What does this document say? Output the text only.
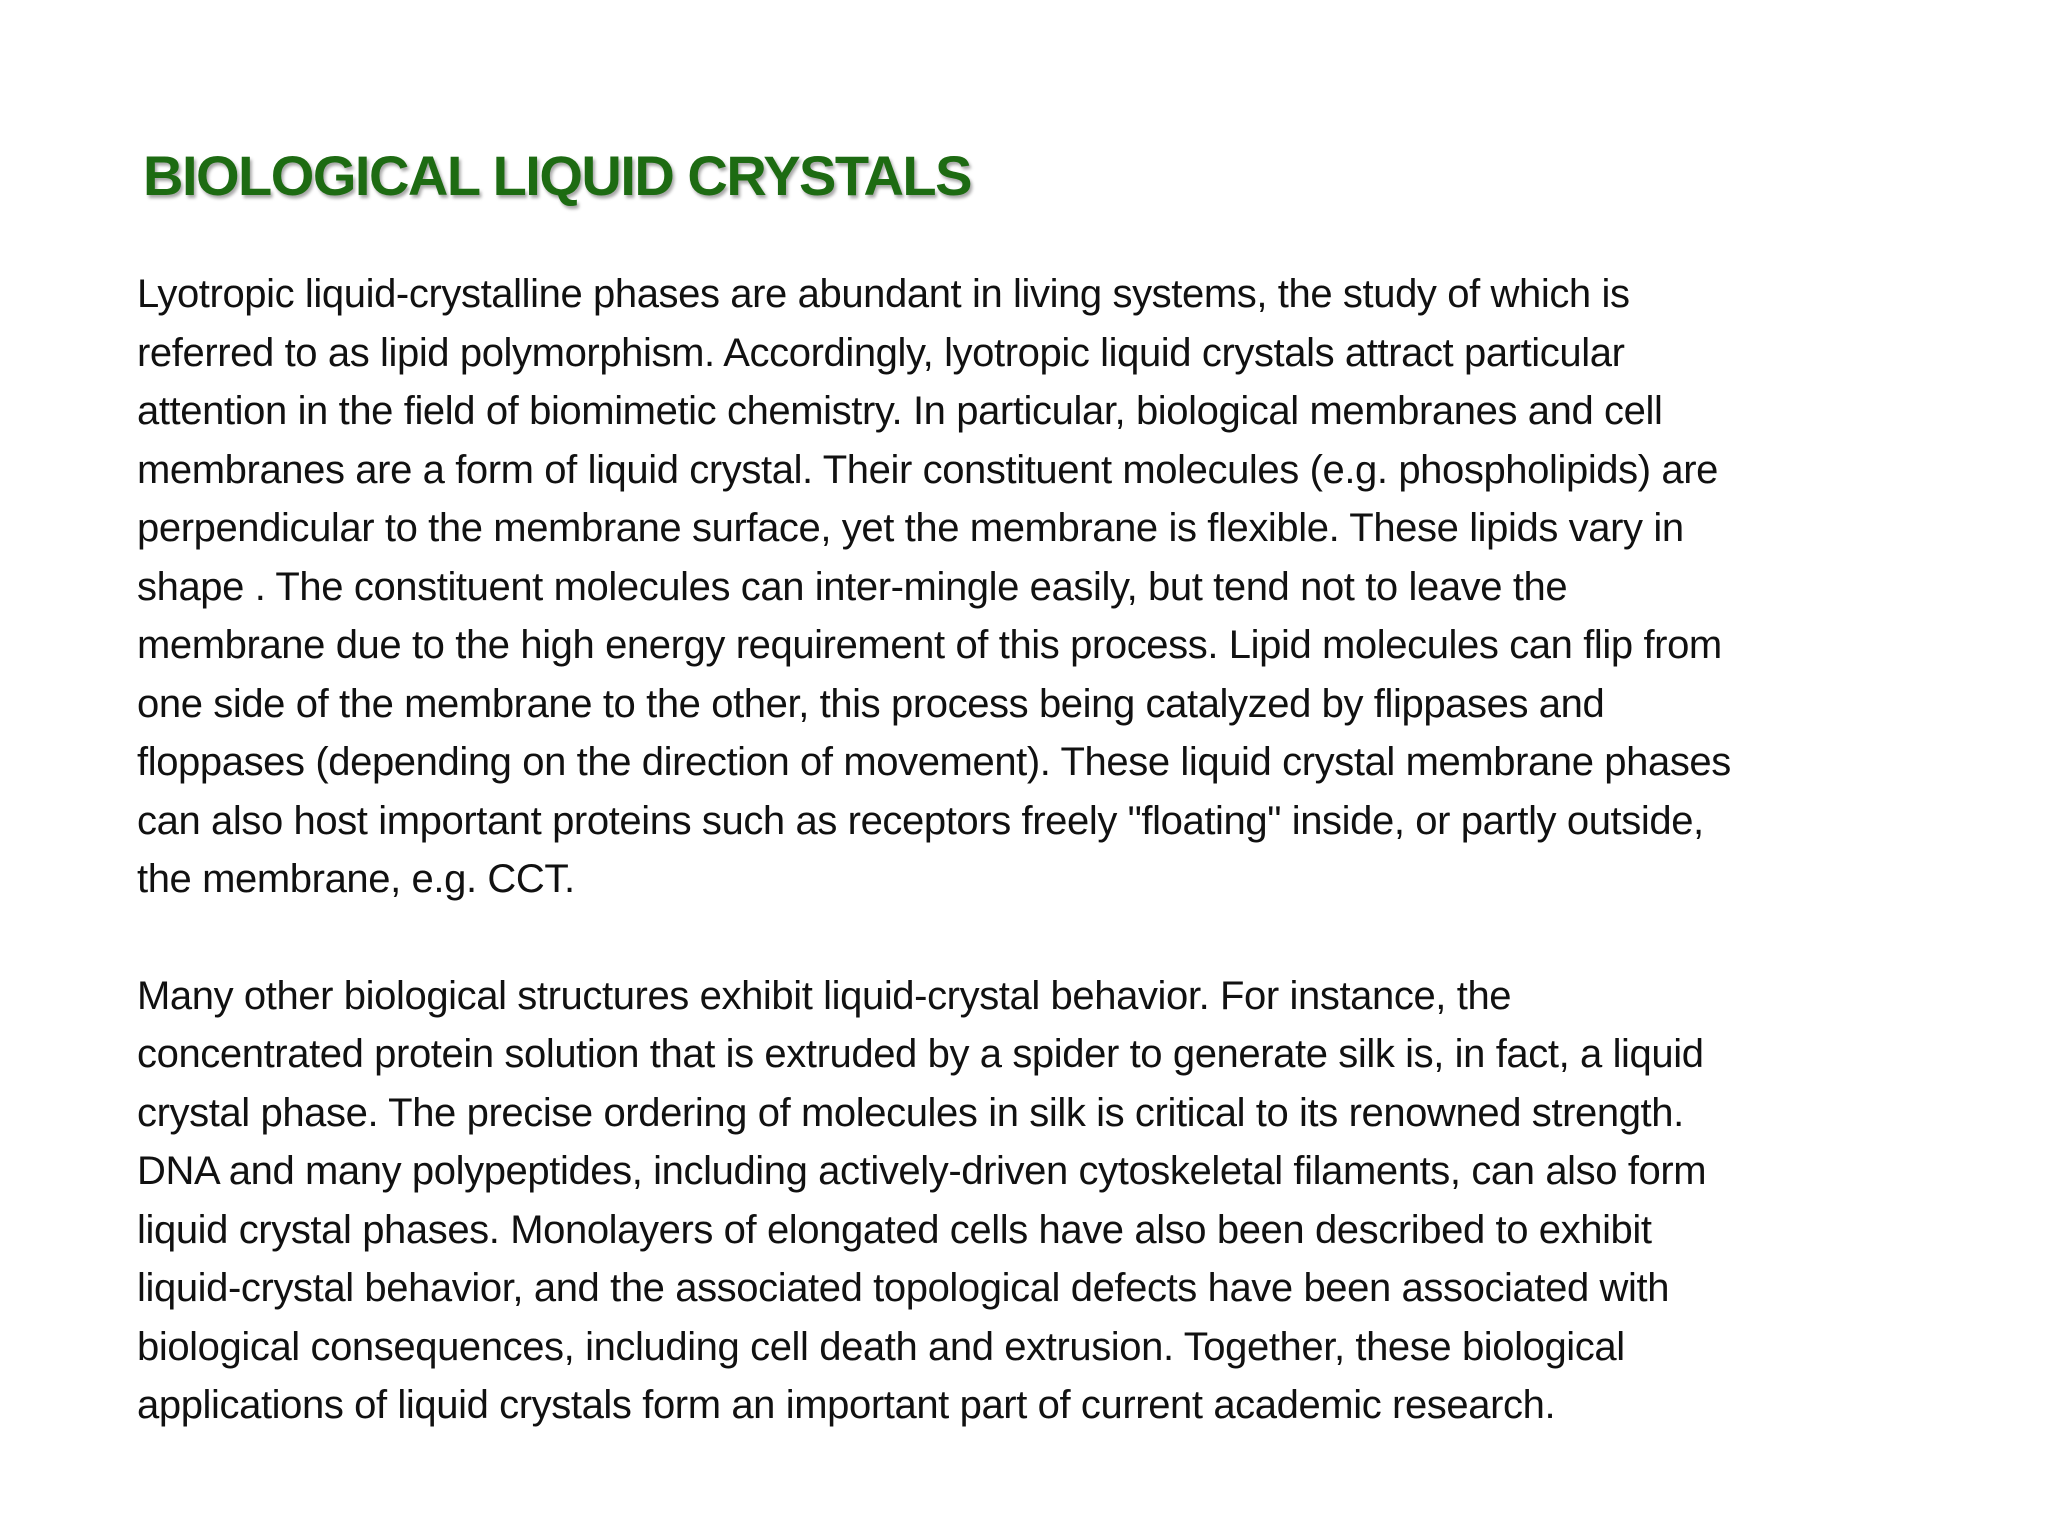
BIOLOGICAL LIQUID CRYSTALS

Lyotropic liquid-crystalline phases are abundant in living systems, the study of which is
referred to as lipid polymorphism. Accordingly, lyotropic liquid crystals attract particular
attention in the field of biomimetic chemistry. In particular, biological membranes and cell
membranes are a form of liquid crystal. Their constituent molecules (e.g. phospholipids) are
perpendicular to the membrane surface, yet the membrane is flexible. These lipids vary in
shape . The constituent molecules can inter-mingle easily, but tend not to leave the
membrane due to the high energy requirement of this process. Lipid molecules can flip from
one side of the membrane to the other, this process being catalyzed by flippases and
floppases (depending on the direction of movement). These liquid crystal membrane phases
can also host important proteins such as receptors freely "floating" inside, or partly outside,
the membrane, e.g. CCT.

Many other biological structures exhibit liquid-crystal behavior. For instance, the
concentrated protein solution that is extruded by a spider to generate silk is, in fact, a liquid
crystal phase. The precise ordering of molecules in silk is critical to its renowned strength.
DNA and many polypeptides, including actively-driven cytoskeletal filaments, can also form
liquid crystal phases. Monolayers of elongated cells have also been described to exhibit
liquid-crystal behavior, and the associated topological defects have been associated with
biological consequences, including cell death and extrusion. Together, these biological
applications of liquid crystals form an important part of current academic research.
